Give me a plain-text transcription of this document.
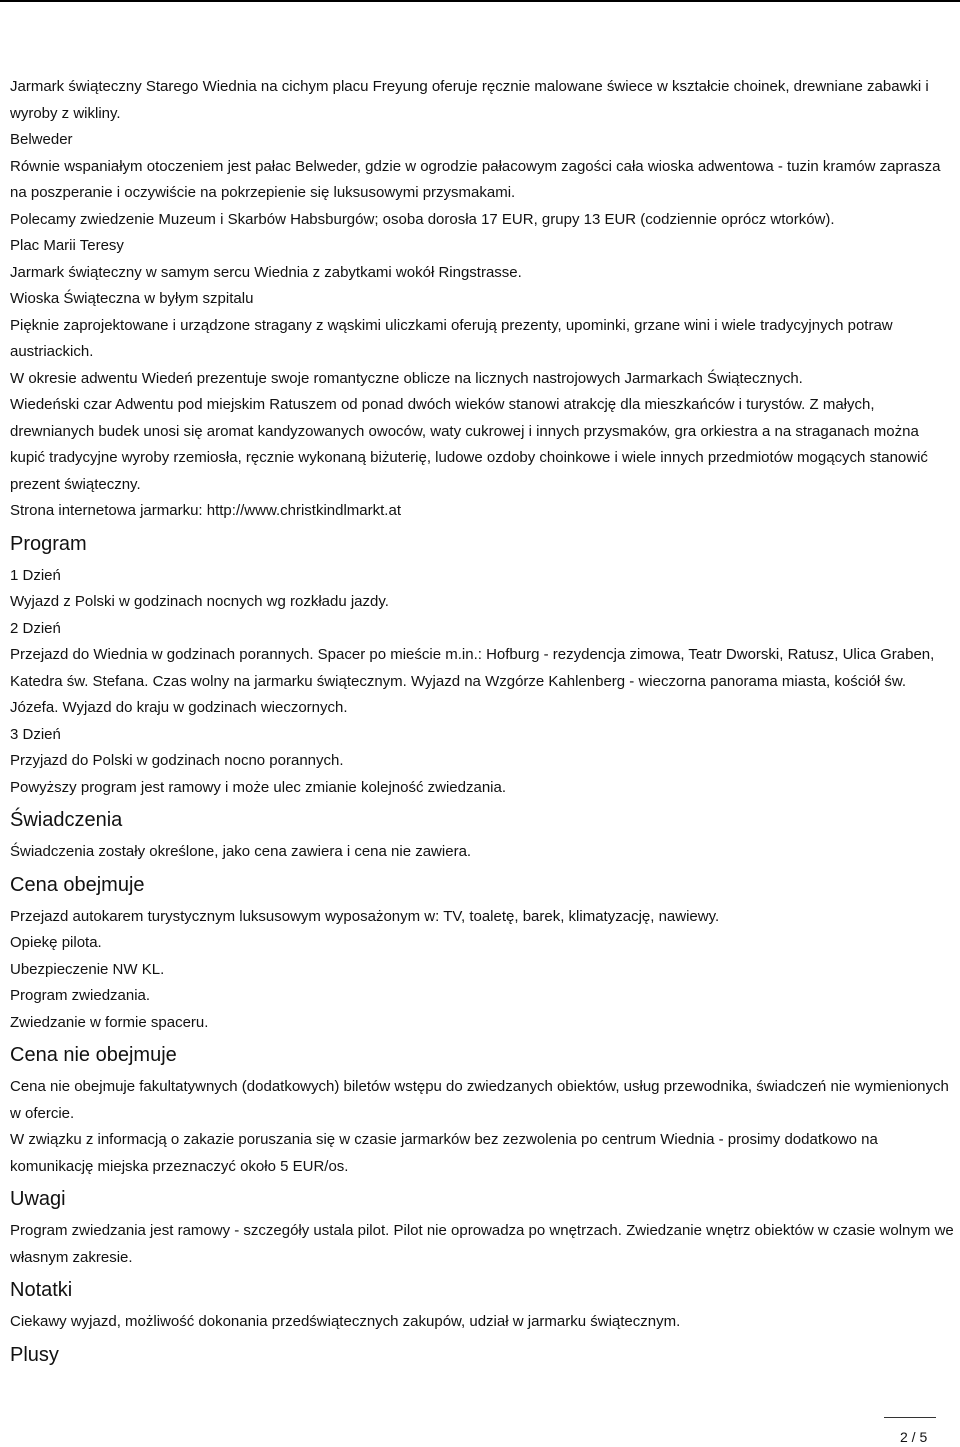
Jarmark świąteczny Starego Wiednia na cichym placu Freyung oferuje ręcznie malowane świece w kształcie choinek, drewniane zabawki i wyroby z wikliny.

Belweder

Równie wspaniałym otoczeniem jest pałac Belweder, gdzie w ogrodzie pałacowym zagości cała wioska adwentowa - tuzin kramów zaprasza na poszperanie i oczywiście na pokrzepienie się luksusowymi przysmakami.

Polecamy zwiedzenie Muzeum i Skarbów Habsburgów; osoba dorosła 17 EUR, grupy 13 EUR (codziennie oprócz wtorków).

Plac Marii Teresy

Jarmark świąteczny w samym sercu Wiednia z zabytkami wokół Ringstrasse.

Wioska Świąteczna w byłym szpitalu

Pięknie zaprojektowane i urządzone stragany z wąskimi uliczkami oferują prezenty, upominki, grzane wini i wiele tradycyjnych potraw austriackich.

W okresie adwentu Wiedeń prezentuje swoje romantyczne oblicze na licznych nastrojowych Jarmarkach Świątecznych.

Wiedeński czar Adwentu pod miejskim Ratuszem od ponad dwóch wieków stanowi atrakcję dla mieszkańców i turystów. Z małych, drewnianych budek unosi się aromat kandyzowanych owoców, waty cukrowej i innych przysmaków, gra orkiestra a na straganach można kupić tradycyjne wyroby rzemiosła, ręcznie wykonaną biżuterię, ludowe ozdoby choinkowe i wiele innych przedmiotów mogących stanowić prezent świąteczny.

Strona internetowa jarmarku: http://www.christkindlmarkt.at

Program

1 Dzień

Wyjazd z Polski w godzinach nocnych wg rozkładu jazdy.

2 Dzień

Przejazd do Wiednia w godzinach porannych. Spacer po mieście m.in.: Hofburg - rezydencja zimowa, Teatr Dworski, Ratusz, Ulica Graben, Katedra św. Stefana. Czas wolny na jarmarku świątecznym. Wyjazd na Wzgórze Kahlenberg - wieczorna panorama miasta, kościół św. Józefa. Wyjazd do kraju w godzinach wieczornych.

3 Dzień

Przyjazd do Polski w godzinach nocno porannych.

Powyższy program jest ramowy i może ulec zmianie kolejność zwiedzania.

Świadczenia

Świadczenia zostały określone, jako cena zawiera i cena nie zawiera.

Cena obejmuje

Przejazd autokarem turystycznym luksusowym wyposażonym w: TV, toaletę, barek, klimatyzację, nawiewy.

Opiekę pilota.

Ubezpieczenie NW KL.

Program zwiedzania.

Zwiedzanie w formie spaceru.

Cena nie obejmuje

Cena nie obejmuje fakultatywnych (dodatkowych) biletów wstępu do zwiedzanych obiektów, usług przewodnika, świadczeń nie wymienionych w ofercie.

W związku z informacją o zakazie poruszania się w czasie jarmarków bez zezwolenia po centrum Wiednia - prosimy dodatkowo na komunikację miejska przeznaczyć około 5 EUR/os.

Uwagi

Program zwiedzania jest ramowy - szczegóły ustala pilot. Pilot nie oprowadza po wnętrzach. Zwiedzanie wnętrz obiektów w czasie wolnym we własnym zakresie.

Notatki

Ciekawy wyjazd, możliwość dokonania przedświątecznych zakupów, udział w jarmarku świątecznym.

Plusy
2 / 5
